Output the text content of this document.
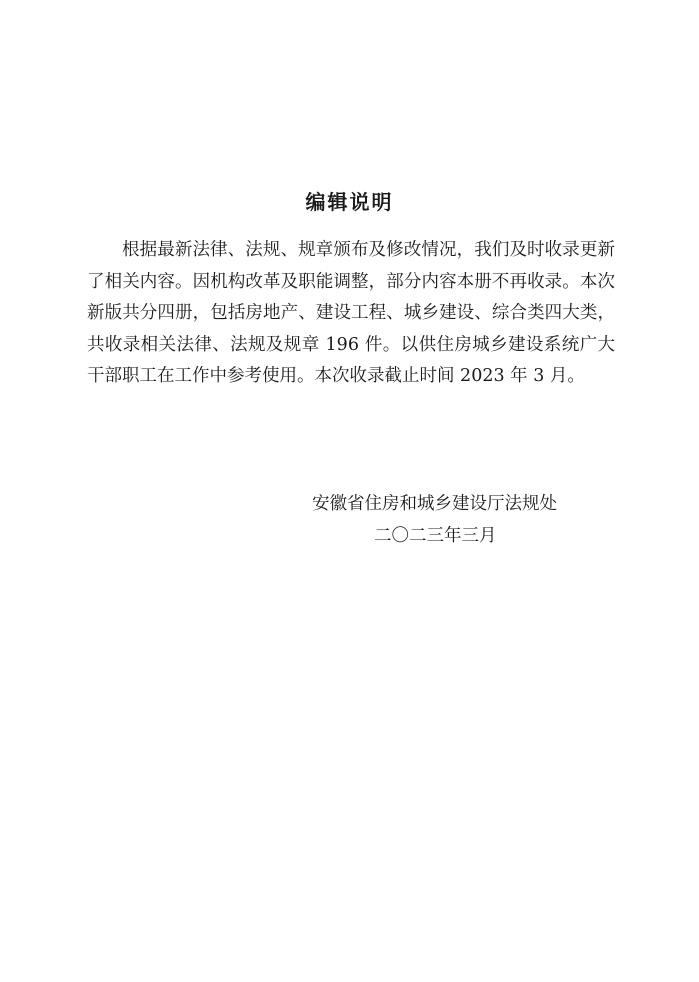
编辑说明

根据最新法律、法规、规章颁布及修改情况，我们及时收录更新了相关内容。因机构改革及职能调整，部分内容本册不再收录。本次新版共分四册，包括房地产、建设工程、城乡建设、综合类四大类，共收录相关法律、法规及规章 196 件。以供住房城乡建设系统广大干部职工在工作中参考使用。本次收录截止时间 2023 年 3 月。

安徽省住房和城乡建设厅法规处
二〇二三年三月
